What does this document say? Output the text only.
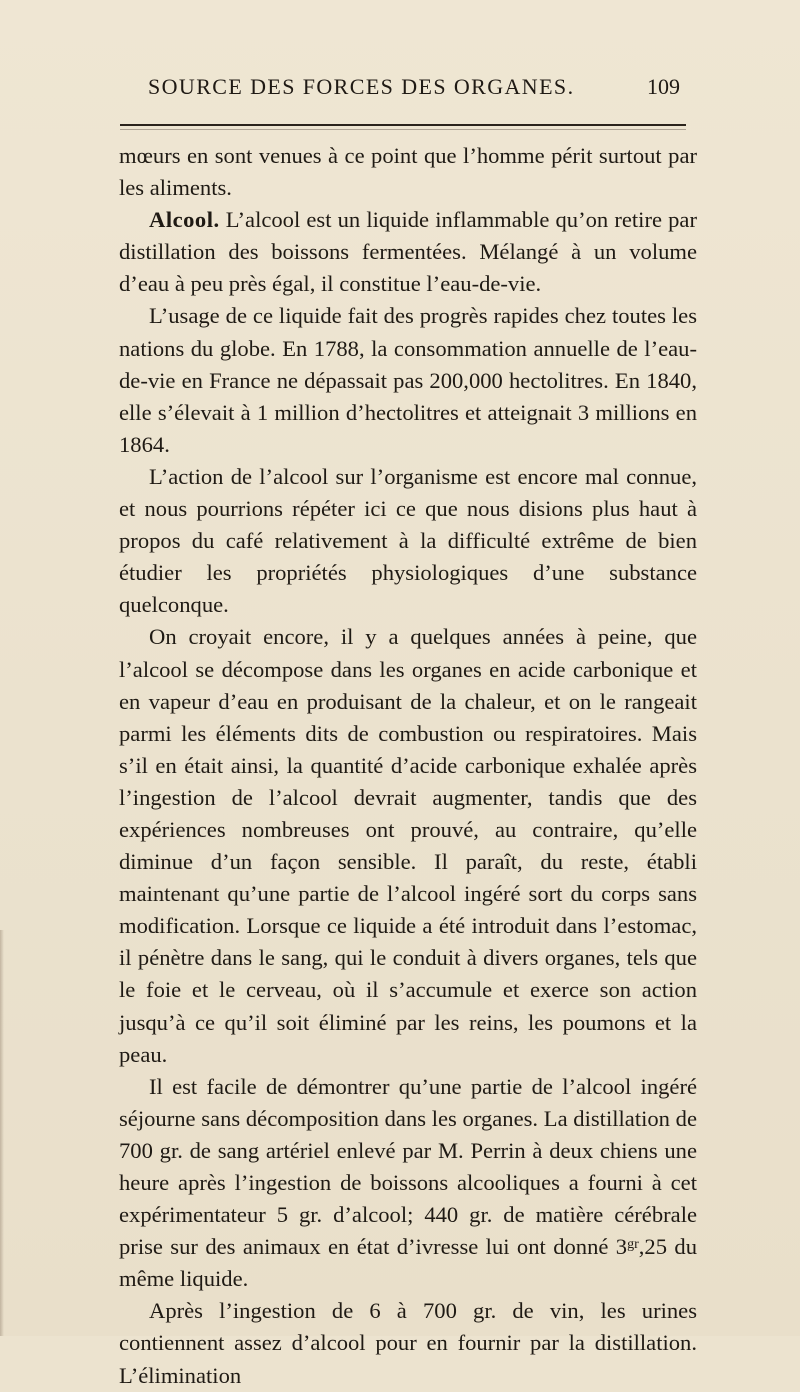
SOURCE DES FORCES DES ORGANES.	109

mœurs en sont venues à ce point que l’homme périt surtout par les aliments.

Alcool. L’alcool est un liquide inflammable qu’on retire par distillation des boissons fermentées. Mélangé à un volume d’eau à peu près égal, il constitue l’eau-de-vie.

L’usage de ce liquide fait des progrès rapides chez toutes les nations du globe. En 1788, la consommation annuelle de l’eau-de-vie en France ne dépassait pas 200,000 hectolitres. En 1840, elle s’élevait à 1 million d’hectolitres et atteignait 3 millions en 1864.

L’action de l’alcool sur l’organisme est encore mal connue, et nous pourrions répéter ici ce que nous disions plus haut à propos du café relativement à la difficulté extrême de bien étudier les propriétés physiologiques d’une substance quelconque.

On croyait encore, il y a quelques années à peine, que l’alcool se décompose dans les organes en acide carbonique et en vapeur d’eau en produisant de la chaleur, et on le rangeait parmi les éléments dits de combustion ou respiratoires. Mais s’il en était ainsi, la quantité d’acide carbonique exhalée après l’ingestion de l’alcool devrait augmenter, tandis que des expériences nombreuses ont prouvé, au contraire, qu’elle diminue d’un façon sensible. Il paraît, du reste, établi maintenant qu’une partie de l’alcool ingéré sort du corps sans modification. Lorsque ce liquide a été introduit dans l’estomac, il pénètre dans le sang, qui le conduit à divers organes, tels que le foie et le cerveau, où il s’accumule et exerce son action jusqu’à ce qu’il soit éliminé par les reins, les poumons et la peau.

Il est facile de démontrer qu’une partie de l’alcool ingéré séjourne sans décomposition dans les organes. La distillation de 700 gr. de sang artériel enlevé par M. Perrin à deux chiens une heure après l’ingestion de boissons alcooliques a fourni à cet expérimentateur 5 gr. d’alcool; 440 gr. de matière cérébrale prise sur des animaux en état d’ivresse lui ont donné $3^{gr},25$ du même liquide.

Après l’ingestion de 6 à 700 gr. de vin, les urines contiennent assez d’alcool pour en fournir par la distillation. L’élimination
